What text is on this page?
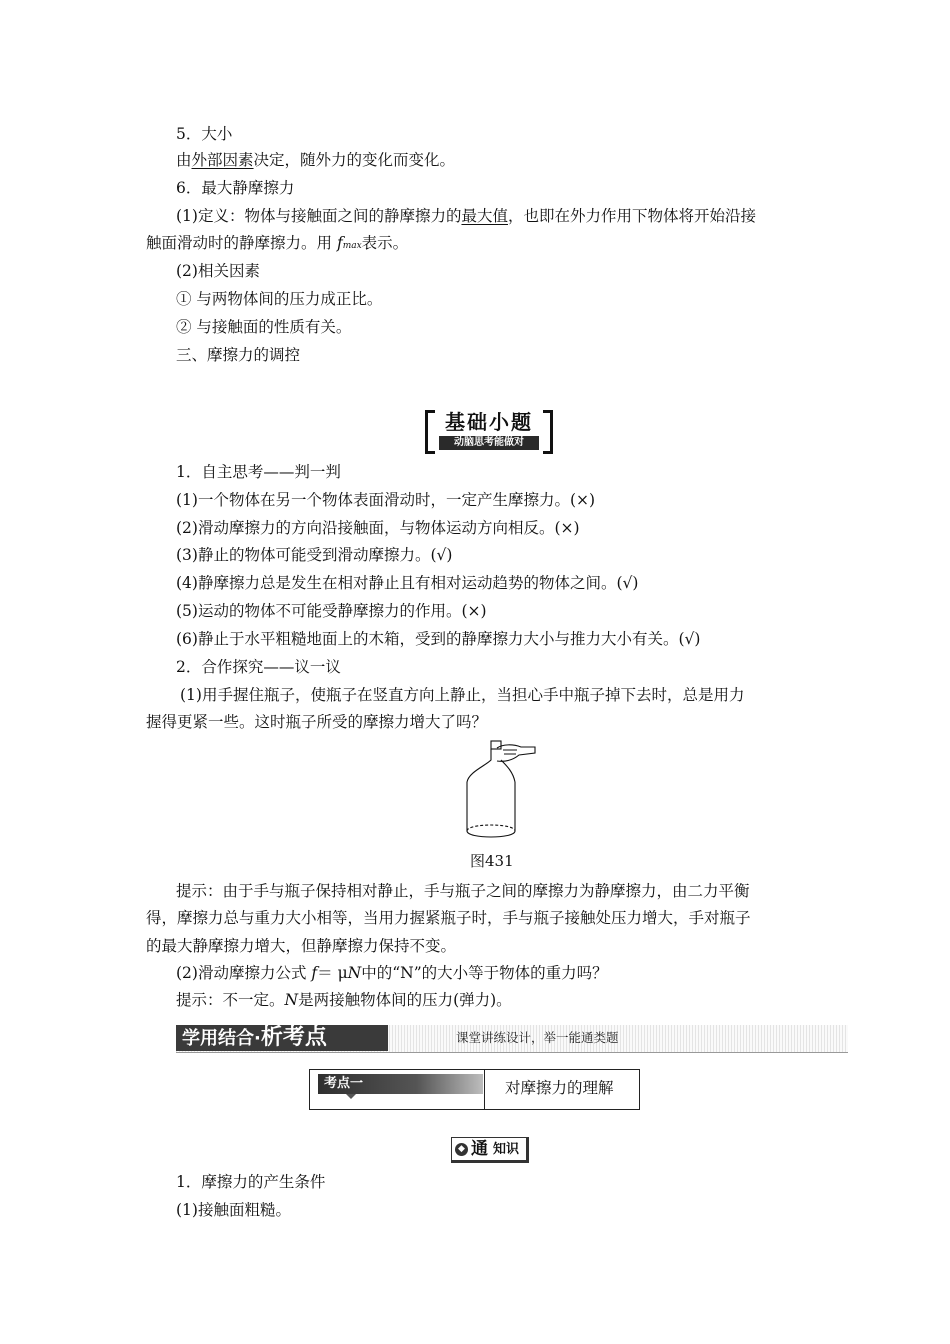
5．大小
由外部因素决定，随外力的变化而变化。
6．最大静摩擦力
(1)定义：物体与接触面之间的静摩擦力的最大值，也即在外力作用下物体将开始沿接
触面滑动时的静摩擦力。用 fmax表示。
(2)相关因素
① 与两物体间的压力成正比。
② 与接触面的性质有关。
三、摩擦力的调控
基础小题
动脑思考能做对
1．自主思考——判一判
(1)一个物体在另一个物体表面滑动时，一定产生摩擦力。(×)
(2)滑动摩擦力的方向沿接触面，与物体运动方向相反。(×)
(3)静止的物体可能受到滑动摩擦力。(√)
(4)静摩擦力总是发生在相对静止且有相对运动趋势的物体之间。(√)
(5)运动的物体不可能受静摩擦力的作用。(×)
(6)静止于水平粗糙地面上的木箱，受到的静摩擦力大小与推力大小有关。(√)
2．合作探究——议一议
(1)用手握住瓶子，使瓶子在竖直方向上静止，当担心手中瓶子掉下去时，总是用力
握得更紧一些。这时瓶子所受的摩擦力增大了吗？
图431
提示：由于手与瓶子保持相对静止，手与瓶子之间的摩擦力为静摩擦力，由二力平衡
得，摩擦力总与重力大小相等，当用力握紧瓶子时，手与瓶子接触处压力增大，手对瓶子
的最大静摩擦力增大，但静摩擦力保持不变。
(2)滑动摩擦力公式 f＝ μN中的“N”的大小等于物体的重力吗？
提示：不一定。N是两接触物体间的压力(弹力)。
学用结合·析考点	课堂讲练设计，举一能通类题
考点一	对摩擦力的理解
◆ 通 知识
1．摩擦力的产生条件
(1)接触面粗糙。
